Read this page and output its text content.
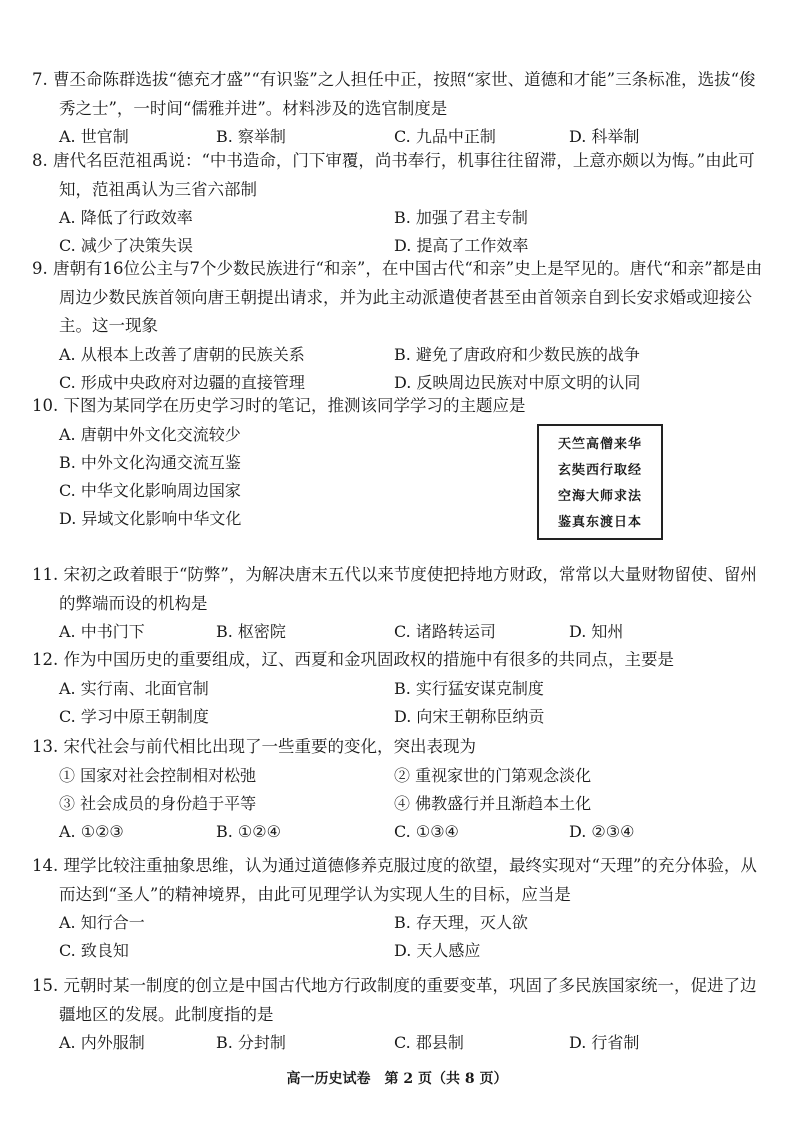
7. 曹丕命陈群选拔“德充才盛”“有识鉴”之人担任中正，按照“家世、道德和才能”三条标准，选拔“俊秀之士”，一时间“儒雅并进”。材料涉及的选官制度是

A. 世官制	B. 察举制	C. 九品中正制	D. 科举制

8. 唐代名臣范祖禹说：“中书造命，门下审覆，尚书奉行，机事往往留滞，上意亦颇以为悔。”由此可知，范祖禹认为三省六部制

A. 降低了行政效率	B. 加强了君主专制
C. 减少了决策失误	D. 提高了工作效率

9. 唐朝有16位公主与7个少数民族进行“和亲”，在中国古代“和亲”史上是罕见的。唐代“和亲”都是由周边少数民族首领向唐王朝提出请求，并为此主动派遣使者甚至由首领亲自到长安求婚或迎接公主。这一现象

A. 从根本上改善了唐朝的民族关系	B. 避免了唐政府和少数民族的战争
C. 形成中央政府对边疆的直接管理	D. 反映周边民族对中原文明的认同

10. 下图为某同学在历史学习时的笔记，推测该同学学习的主题应是

A. 唐朝中外文化交流较少
B. 中外文化沟通交流互鉴
C. 中华文化影响周边国家
D. 异域文化影响中华文化
天竺高僧来华
玄奘西行取经
空海大师求法
鉴真东渡日本

11. 宋初之政着眼于“防弊”，为解决唐末五代以来节度使把持地方财政，常常以大量财物留使、留州的弊端而设的机构是

A. 中书门下	B. 枢密院	C. 诸路转运司	D. 知州

12. 作为中国历史的重要组成，辽、西夏和金巩固政权的措施中有很多的共同点，主要是

A. 实行南、北面官制	B. 实行猛安谋克制度
C. 学习中原王朝制度	D. 向宋王朝称臣纳贡

13. 宋代社会与前代相比出现了一些重要的变化，突出表现为

① 国家对社会控制相对松弛	② 重视家世的门第观念淡化
③ 社会成员的身份趋于平等	④ 佛教盛行并且渐趋本土化
A. ①②③	B. ①②④	C. ①③④	D. ②③④

14. 理学比较注重抽象思维，认为通过道德修养克服过度的欲望，最终实现对“天理”的充分体验，从而达到“圣人”的精神境界，由此可见理学认为实现人生的目标，应当是

A. 知行合一	B. 存天理，灭人欲
C. 致良知	D. 天人感应

15. 元朝时某一制度的创立是中国古代地方行政制度的重要变革，巩固了多民族国家统一，促进了边疆地区的发展。此制度指的是

A. 内外服制	B. 分封制	C. 郡县制	D. 行省制
高一历史试卷　第 2 页（共 8 页）
